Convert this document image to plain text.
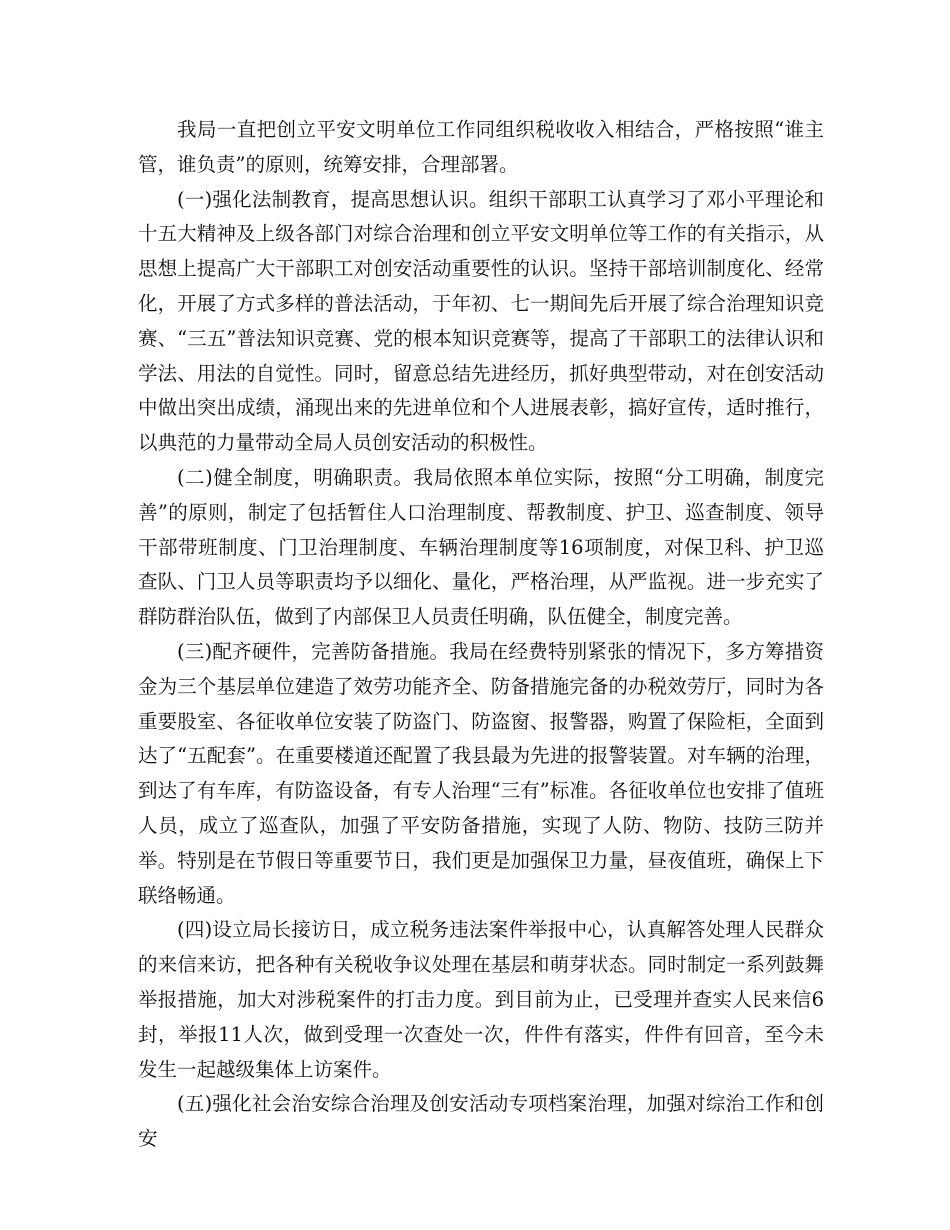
我局一直把创立平安文明单位工作同组织税收收入相结合，严格按照“谁主管，谁负责”的原则，统筹安排，合理部署。

(一)强化法制教育，提高思想认识。组织干部职工认真学习了邓小平理论和十五大精神及上级各部门对综合治理和创立平安文明单位等工作的有关指示，从思想上提高广大干部职工对创安活动重要性的认识。坚持干部培训制度化、经常化，开展了方式多样的普法活动，于年初、七一期间先后开展了综合治理知识竞赛、“三五”普法知识竞赛、党的根本知识竞赛等，提高了干部职工的法律认识和学法、用法的自觉性。同时，留意总结先进经历，抓好典型带动，对在创安活动中做出突出成绩，涌现出来的先进单位和个人进展表彰，搞好宣传，适时推行，以典范的力量带动全局人员创安活动的积极性。

(二)健全制度，明确职责。我局依照本单位实际，按照“分工明确，制度完善”的原则，制定了包括暂住人口治理制度、帮教制度、护卫、巡查制度、领导干部带班制度、门卫治理制度、车辆治理制度等16项制度，对保卫科、护卫巡查队、门卫人员等职责均予以细化、量化，严格治理，从严监视。进一步充实了群防群治队伍，做到了内部保卫人员责任明确，队伍健全，制度完善。

(三)配齐硬件，完善防备措施。我局在经费特别紧张的情况下，多方筹措资金为三个基层单位建造了效劳功能齐全、防备措施完备的办税效劳厅，同时为各重要股室、各征收单位安装了防盗门、防盗窗、报警器，购置了保险柜，全面到达了“五配套”。在重要楼道还配置了我县最为先进的报警装置。对车辆的治理，到达了有车库，有防盗设备，有专人治理“三有”标准。各征收单位也安排了值班人员，成立了巡查队，加强了平安防备措施，实现了人防、物防、技防三防并举。特别是在节假日等重要节日，我们更是加强保卫力量，昼夜值班，确保上下联络畅通。

(四)设立局长接访日，成立税务违法案件举报中心，认真解答处理人民群众的来信来访，把各种有关税收争议处理在基层和萌芽状态。同时制定一系列鼓舞举报措施，加大对涉税案件的打击力度。到目前为止，已受理并查实人民来信6封，举报11人次，做到受理一次查处一次，件件有落实，件件有回音，至今未发生一起越级集体上访案件。

(五)强化社会治安综合治理及创安活动专项档案治理，加强对综治工作和创安
